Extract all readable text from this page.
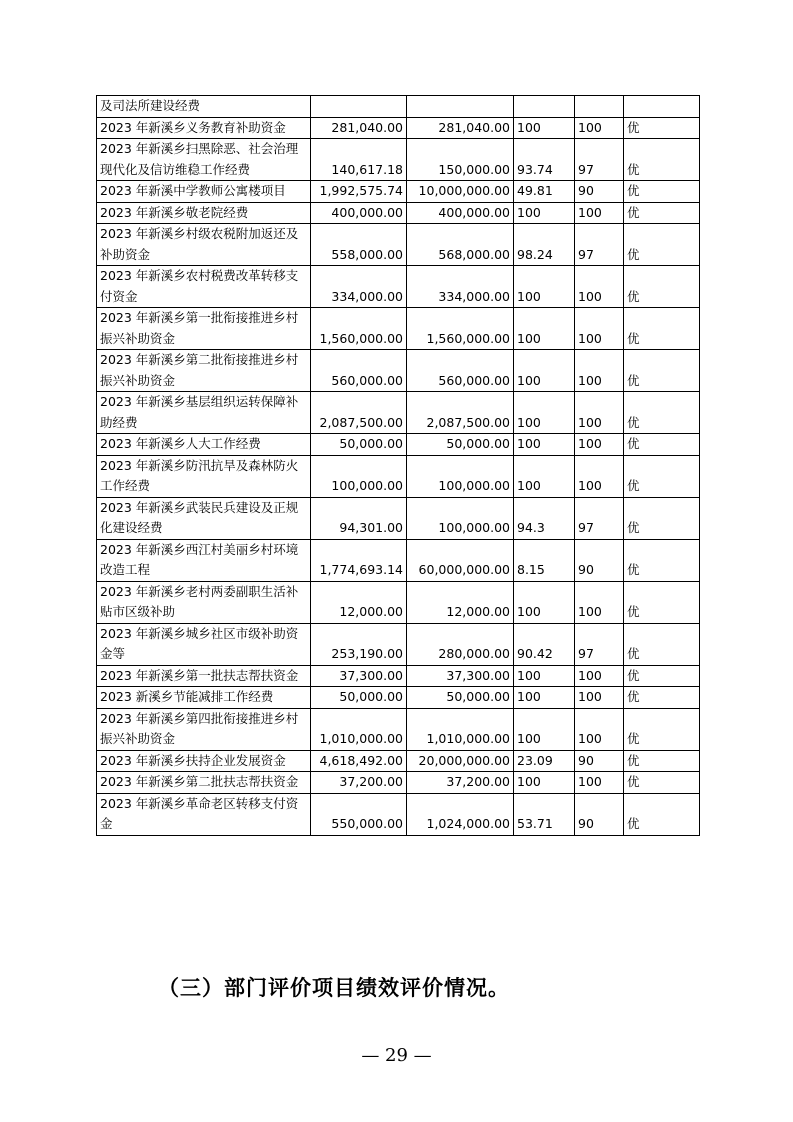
及司法所建设经费					
2023 年新溪乡义务教育补助资金	281,040.00	281,040.00	100	100	优
2023 年新溪乡扫黑除恶、社会治理现代化及信访维稳工作经费	140,617.18	150,000.00	93.74	97	优
2023 年新溪中学教师公寓楼项目	1,992,575.74	10,000,000.00	49.81	90	优
2023 年新溪乡敬老院经费	400,000.00	400,000.00	100	100	优
2023 年新溪乡村级农税附加返还及补助资金	558,000.00	568,000.00	98.24	97	优
2023 年新溪乡农村税费改革转移支付资金	334,000.00	334,000.00	100	100	优
2023 年新溪乡第一批衔接推进乡村振兴补助资金	1,560,000.00	1,560,000.00	100	100	优
2023 年新溪乡第二批衔接推进乡村振兴补助资金	560,000.00	560,000.00	100	100	优
2023 年新溪乡基层组织运转保障补助经费	2,087,500.00	2,087,500.00	100	100	优
2023 年新溪乡人大工作经费	50,000.00	50,000.00	100	100	优
2023 年新溪乡防汛抗旱及森林防火工作经费	100,000.00	100,000.00	100	100	优
2023 年新溪乡武装民兵建设及正规化建设经费	94,301.00	100,000.00	94.3	97	优
2023 年新溪乡西江村美丽乡村环境改造工程	1,774,693.14	60,000,000.00	8.15	90	优
2023 年新溪乡老村两委副职生活补贴市区级补助	12,000.00	12,000.00	100	100	优
2023 年新溪乡城乡社区市级补助资金等	253,190.00	280,000.00	90.42	97	优
2023 年新溪乡第一批扶志帮扶资金	37,300.00	37,300.00	100	100	优
2023 新溪乡节能减排工作经费	50,000.00	50,000.00	100	100	优
2023 年新溪乡第四批衔接推进乡村振兴补助资金	1,010,000.00	1,010,000.00	100	100	优
2023 年新溪乡扶持企业发展资金	4,618,492.00	20,000,000.00	23.09	90	优
2023 年新溪乡第二批扶志帮扶资金	37,200.00	37,200.00	100	100	优
2023 年新溪乡革命老区转移支付资金	550,000.00	1,024,000.00	53.71	90	优
（三）部门评价项目绩效评价情况。
— 29 —
